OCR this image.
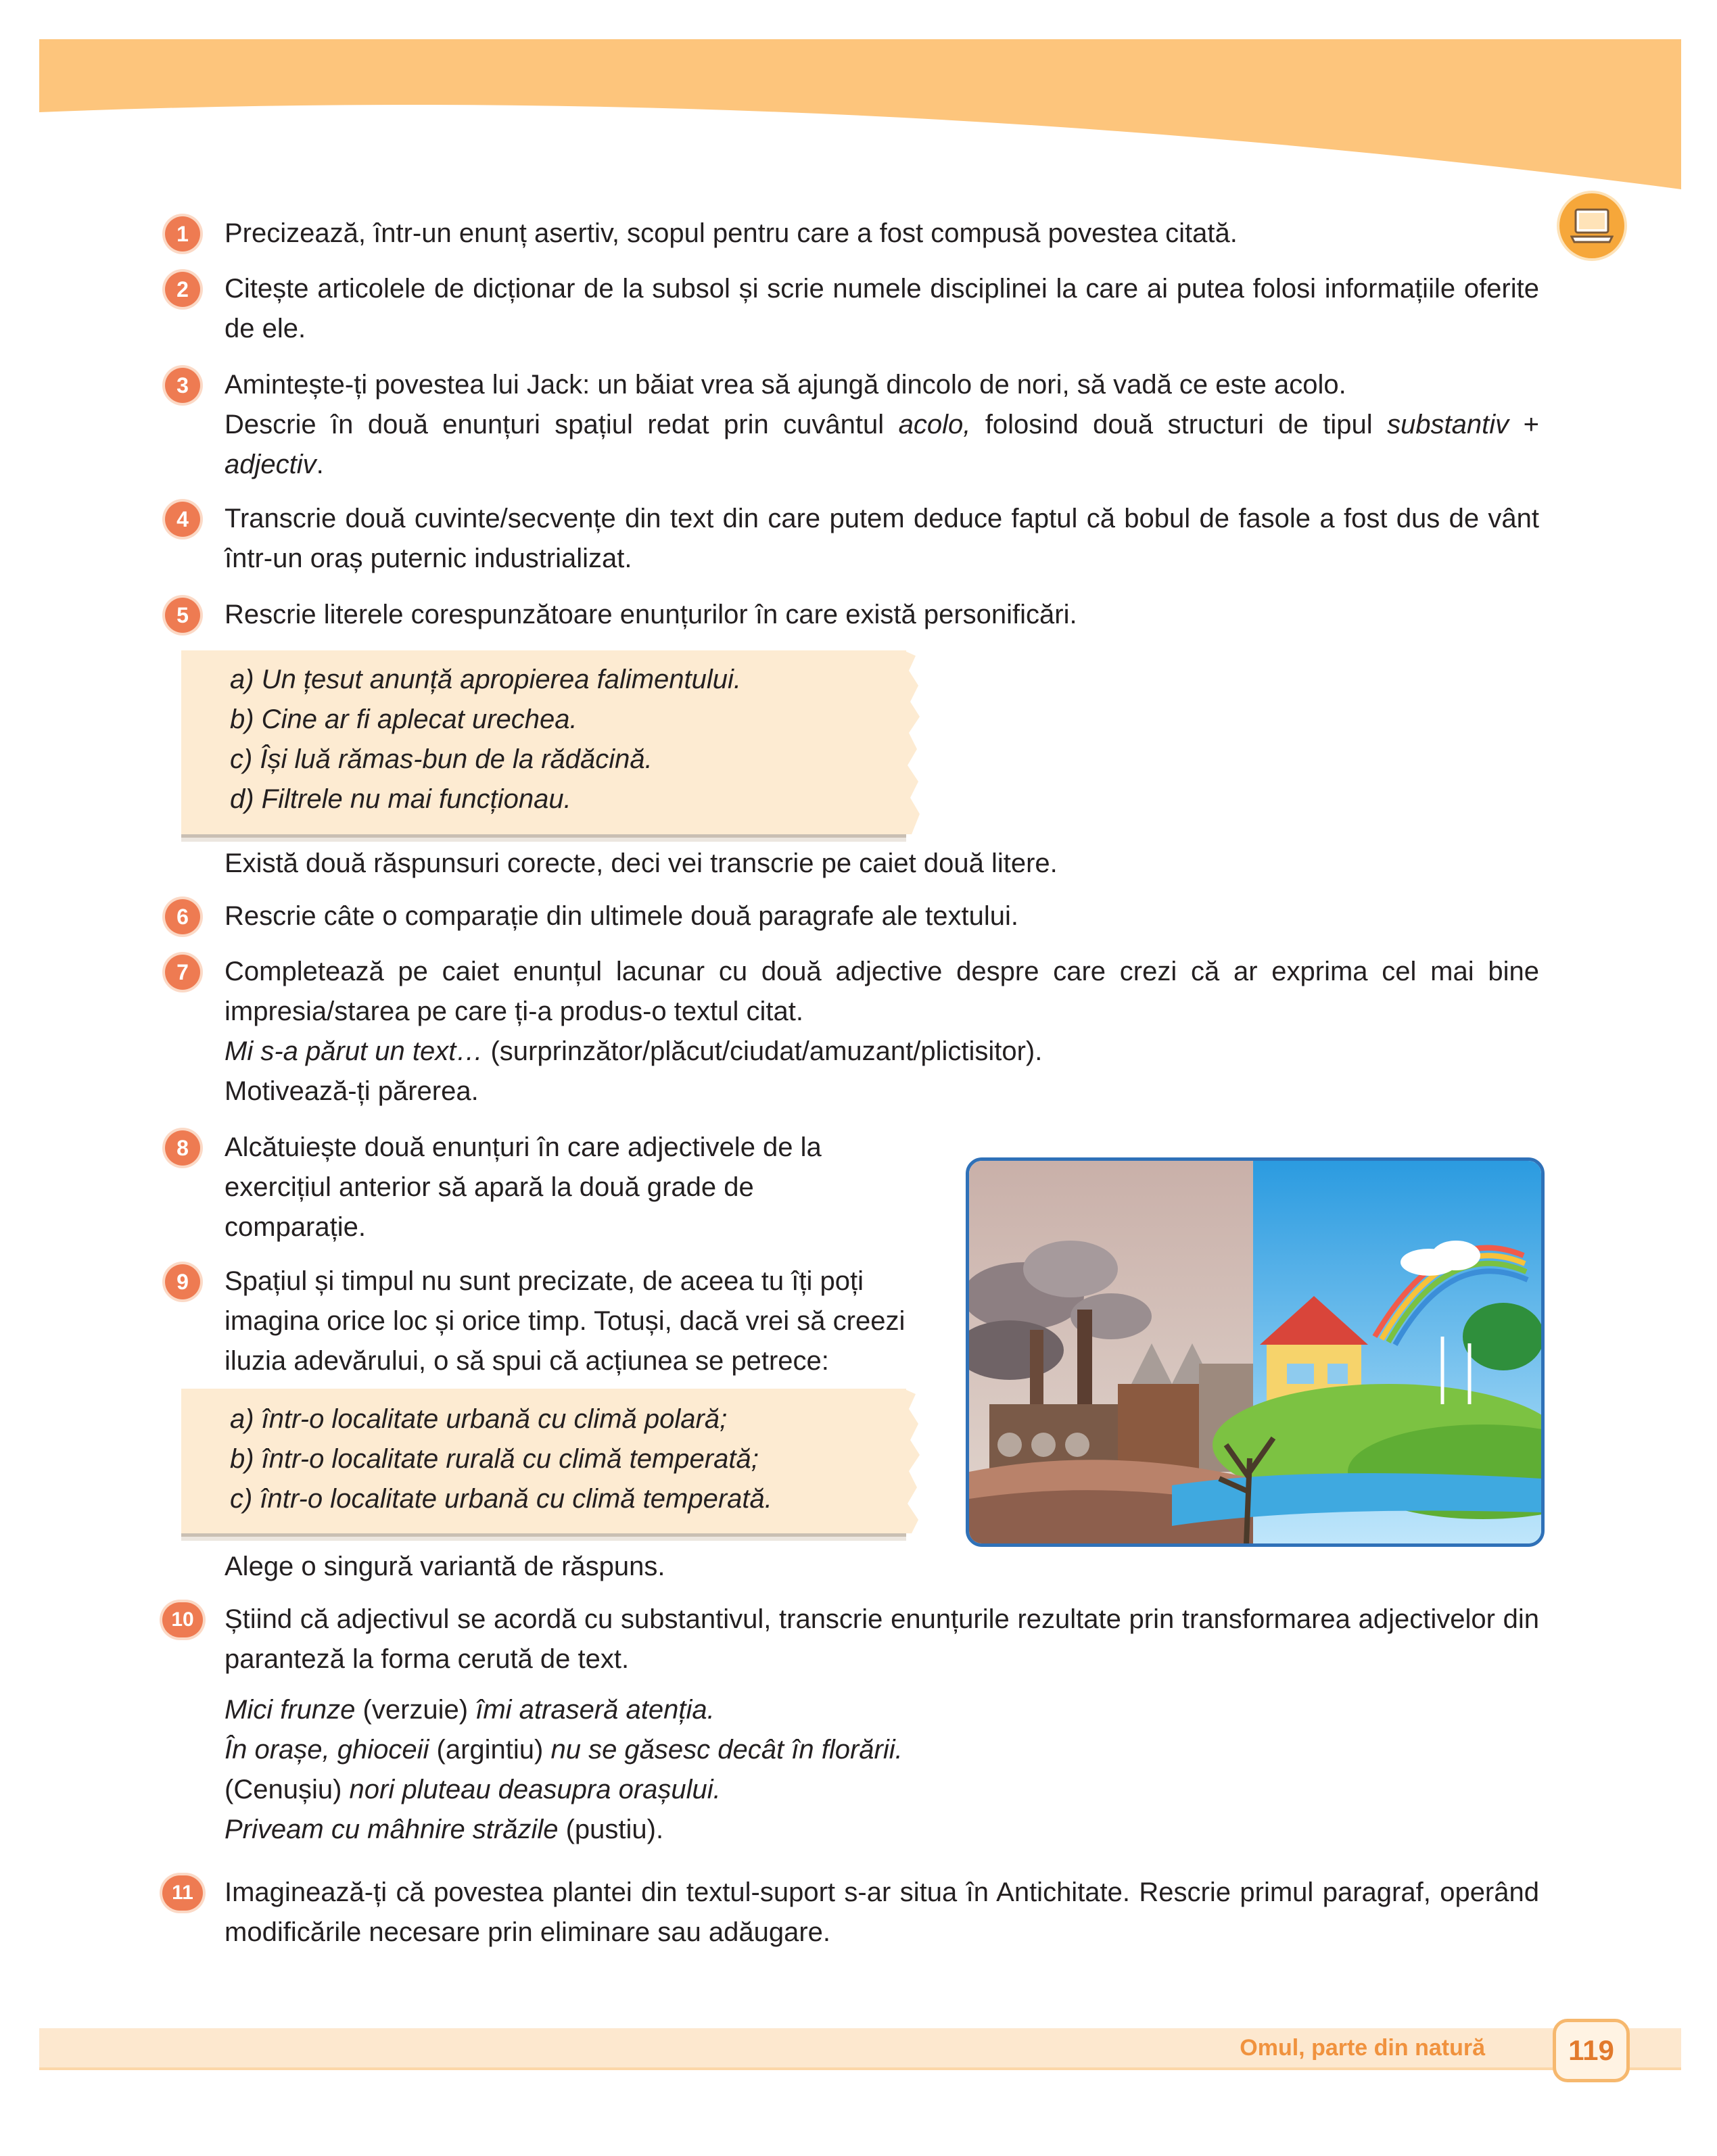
1	Precizează, într-un enunț asertiv, scopul pentru care a fost compusă povestea citată.

2	Citește articolele de dicționar de la subsol și scrie numele disciplinei la care ai putea folosi informațiile oferite de ele.

3	Amintește-ți povestea lui Jack: un băiat vrea să ajungă dincolo de nori, să vadă ce este acolo.

Descrie în două enunțuri spațiul redat prin cuvântul acolo, folosind două structuri de tipul substantiv + adjectiv.

4	Transcrie două cuvinte/secvențe din text din care putem deduce faptul că bobul de fasole a fost dus de vânt într-un oraș puternic industrializat.

5	Rescrie literele corespunzătoare enunțurilor în care există personificări.

a) Un țesut anunță apropierea falimentului.
b) Cine ar fi aplecat urechea.
c) Își luă rămas-bun de la rădăcină.
d) Filtrele nu mai funcționau.

Există două răspunsuri corecte, deci vei transcrie pe caiet două litere.

6	Rescrie câte o comparație din ultimele două paragrafe ale textului.

7	Completează pe caiet enunțul lacunar cu două adjective despre care crezi că ar exprima cel mai bine impresia/starea pe care ți-a produs-o textul citat.

Mi s-a părut un text… (surprinzător/plăcut/ciudat/amuzant/plictisitor).

Motivează-ți părerea.

8	Alcătuiește două enunțuri în care adjectivele de la

exercițiul anterior să apară la două grade de

comparație.

9	Spațiul și timpul nu sunt precizate, de aceea tu îți poți

imagina orice loc și orice timp. Totuși, dacă vrei să creezi

iluzia adevărului, o să spui că acțiunea se petrece:

a) într-o localitate urbană cu climă polară;
b) într-o localitate rurală cu climă temperată;
c) într-o localitate urbană cu climă temperată.

Alege o singură variantă de răspuns.

10	Știind că adjectivul se acordă cu substantivul, transcrie enunțurile rezultate prin transformarea adjectivelor din paranteză la forma cerută de text.

Mici frunze (verzuie) îmi atraseră atenția.

În orașe, ghioceii (argintiu) nu se găsesc decât în florării.

(Cenușiu) nori pluteau deasupra orașului.

Priveam cu mâhnire străzile (pustiu).

11	Imaginează-ți că povestea plantei din textul-suport s-ar situa în Antichitate. Rescrie primul paragraf, operând modificările necesare prin eliminare sau adăugare.

Omul, parte din natură	119
